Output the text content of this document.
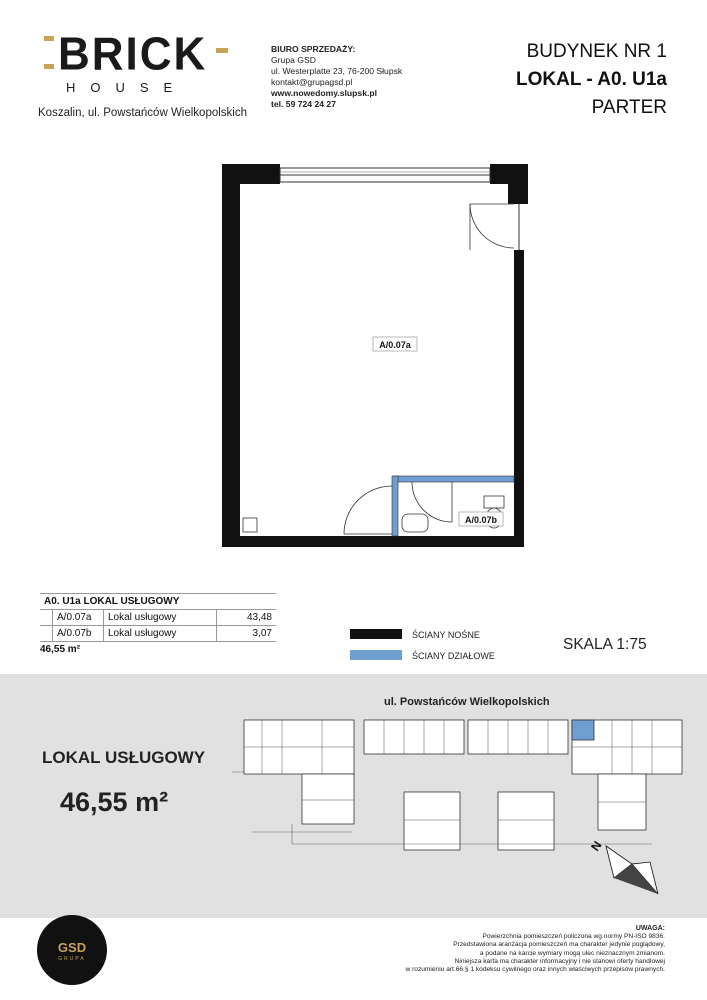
BRICK
HOUSE
Koszalin, ul. Powstańców Wielkopolskich
BIURO SPRZEDAŻY:
Grupa GSD
ul. Westerplatte 23, 76-200 Słupsk
kontakt@grupagsd.pl
www.nowedomy.slupsk.pl
tel. 59 724 24 27
BUDYNEK NR 1
LOKAL - A0. U1a
PARTER
A/0.07a
A/0.07b
A0. U1a LOKAL USŁUGOWY
A/0.07a	Lokal usługowy	43,48
A/0.07b	Lokal usługowy	3,07
46,55 m²
ŚCIANY NOŚNE
ŚCIANY DZIAŁOWE
SKALA 1:75
ul. Powstańców Wielkopolskich
LOKAL USŁUGOWY
46,55 m²
N
GSD
GRUPA
UWAGA:
Powierzchnia pomieszczeń policzona wg normy PN-ISO 9836.
Przedstawiona aranżacja pomieszczeń ma charakter jedynie poglądowy,
a podane na karcie wymiary mogą ulec nieznacznym zmianom.
Niniejsza karta ma charakter informacyjny i nie stanowi oferty handlowej
w rozumieniu art.66 § 1 kodeksu cywilnego oraz innych właściwych przepisów prawnych.
